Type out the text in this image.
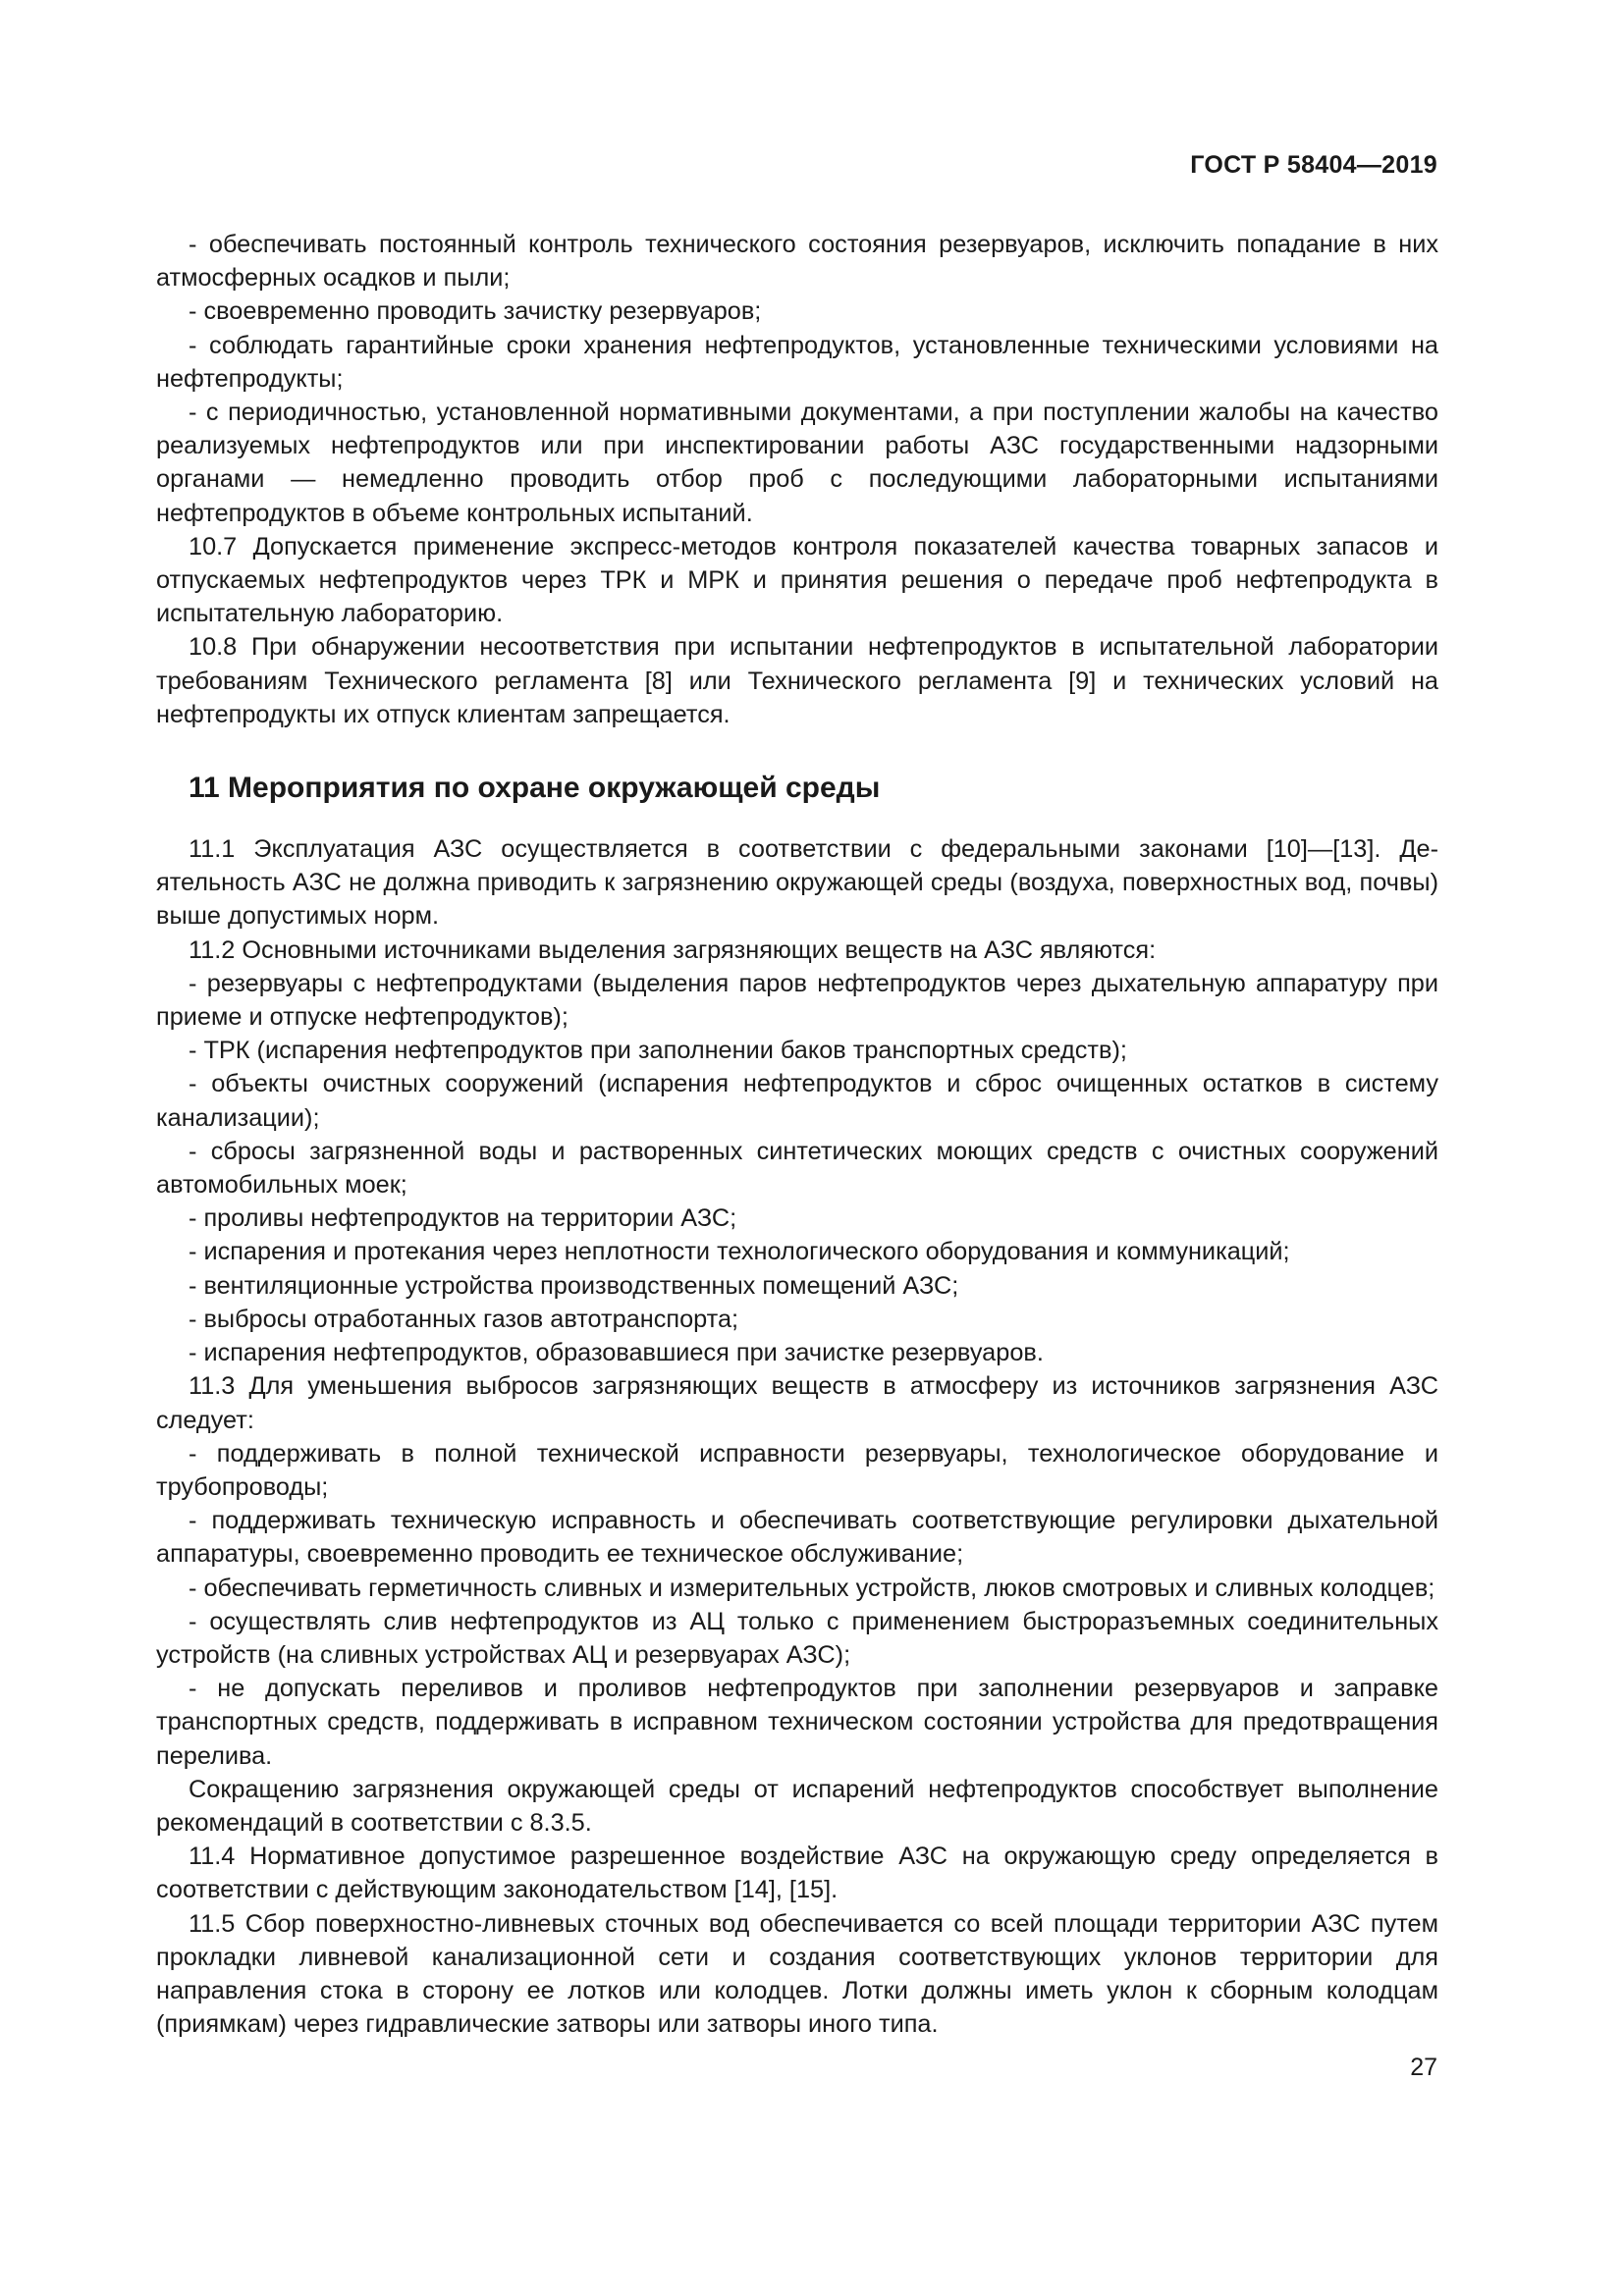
ГОСТ Р 58404—2019

- обеспечивать постоянный контроль технического состояния резервуаров, исключить попадание в них атмосферных осадков и пыли;

- своевременно проводить зачистку резервуаров;

- соблюдать гарантийные сроки хранения нефтепродуктов, установленные техническими условиями на нефтепродукты;

- с периодичностью, установленной нормативными документами, а при поступлении жалобы на качество реализуемых нефтепродуктов или при инспектировании работы АЗС государственными надзорными органами — немедленно проводить отбор проб с последующими лабораторными испытаниями нефтепродуктов в объеме контрольных испытаний.

10.7 Допускается применение экспресс-методов контроля показателей качества товарных запасов и отпускаемых нефтепродуктов через ТРК и МРК и принятия решения о передаче проб нефтепродукта в испытательную лабораторию.

10.8 При обнаружении несоответствия при испытании нефтепродуктов в испытательной лаборатории требованиям Технического регламента [8] или Технического регламента [9] и технических условий на нефтепродукты их отпуск клиентам запрещается.

11 Мероприятия по охране окружающей среды

11.1 Эксплуатация АЗС осуществляется в соответствии с федеральными законами [10]—[13]. Деятельность АЗС не должна приводить к загрязнению окружающей среды (воздуха, поверхностных вод, почвы) выше допустимых норм.

11.2 Основными источниками выделения загрязняющих веществ на АЗС являются:

- резервуары с нефтепродуктами (выделения паров нефтепродуктов через дыхательную аппаратуру при приеме и отпуске нефтепродуктов);

- ТРК (испарения нефтепродуктов при заполнении баков транспортных средств);

- объекты очистных сооружений (испарения нефтепродуктов и сброс очищенных остатков в систему канализации);

- сбросы загрязненной воды и растворенных синтетических моющих средств с очистных сооружений автомобильных моек;

- проливы нефтепродуктов на территории АЗС;

- испарения и протекания через неплотности технологического оборудования и коммуникаций;

- вентиляционные устройства производственных помещений АЗС;

- выбросы отработанных газов автотранспорта;

- испарения нефтепродуктов, образовавшиеся при зачистке резервуаров.

11.3 Для уменьшения выбросов загрязняющих веществ в атмосферу из источников загрязнения АЗС следует:

- поддерживать в полной технической исправности резервуары, технологическое оборудование и трубопроводы;

- поддерживать техническую исправность и обеспечивать соответствующие регулировки дыхательной аппаратуры, своевременно проводить ее техническое обслуживание;

- обеспечивать герметичность сливных и измерительных устройств, люков смотровых и сливных колодцев;

- осуществлять слив нефтепродуктов из АЦ только с применением быстроразъемных соединительных устройств (на сливных устройствах АЦ и резервуарах АЗС);

- не допускать переливов и проливов нефтепродуктов при заполнении резервуаров и заправке транспортных средств, поддерживать в исправном техническом состоянии устройства для предотвращения перелива.

Сокращению загрязнения окружающей среды от испарений нефтепродуктов способствует выполнение рекомендаций в соответствии с 8.3.5.

11.4 Нормативное допустимое разрешенное воздействие АЗС на окружающую среду определяется в соответствии с действующим законодательством [14], [15].

11.5 Сбор поверхностно-ливневых сточных вод обеспечивается со всей площади территории АЗС путем прокладки ливневой канализационной сети и создания соответствующих уклонов территории для направления стока в сторону ее лотков или колодцев. Лотки должны иметь уклон к сборным колодцам (приямкам) через гидравлические затворы или затворы иного типа.

27
